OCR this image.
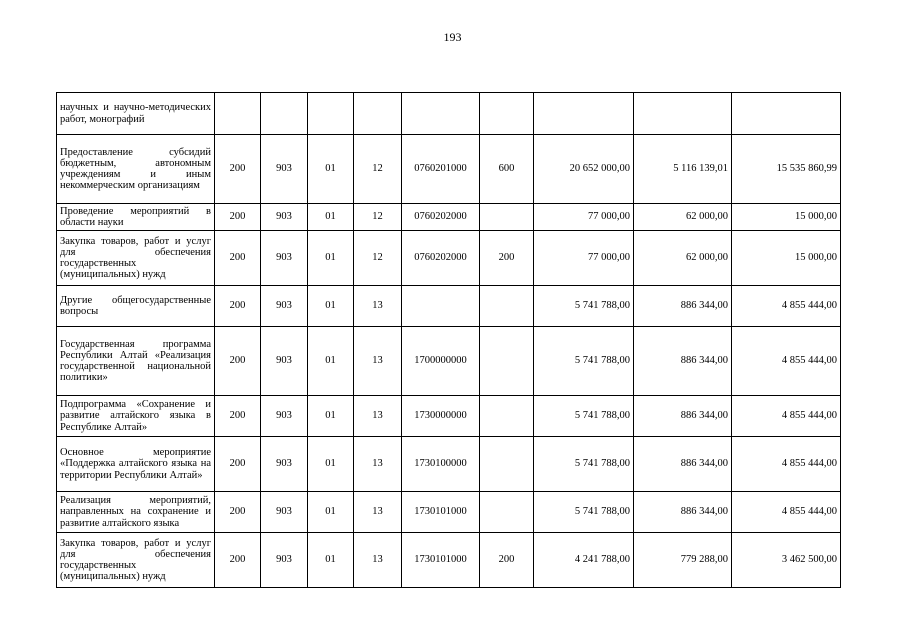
193
научных и научно-методических работ, монографий									
Предоставление субсидий бюджетным, автономным учреждениям и иным некоммерческим организациям	200	903	01	12	0760201000	600	20 652 000,00	5 116 139,01	15 535 860,99
Проведение мероприятий в области науки	200	903	01	12	0760202000		77 000,00	62 000,00	15 000,00
Закупка товаров, работ и услуг для обеспечения государственных (муниципальных) нужд	200	903	01	12	0760202000	200	77 000,00	62 000,00	15 000,00
Другие общегосударственные вопросы	200	903	01	13			5 741 788,00	886 344,00	4 855 444,00
Государственная программа Республики Алтай «Реализация государственной национальной политики»	200	903	01	13	1700000000		5 741 788,00	886 344,00	4 855 444,00
Подпрограмма «Сохранение и развитие алтайского языка в Республике Алтай»	200	903	01	13	1730000000		5 741 788,00	886 344,00	4 855 444,00
Основное мероприятие «Поддержка алтайского языка на территории Республики Алтай»	200	903	01	13	1730100000		5 741 788,00	886 344,00	4 855 444,00
Реализация мероприятий, направленных на сохранение и развитие алтайского языка	200	903	01	13	1730101000		5 741 788,00	886 344,00	4 855 444,00
Закупка товаров, работ и услуг для обеспечения государственных (муниципальных) нужд	200	903	01	13	1730101000	200	4 241 788,00	779 288,00	3 462 500,00
